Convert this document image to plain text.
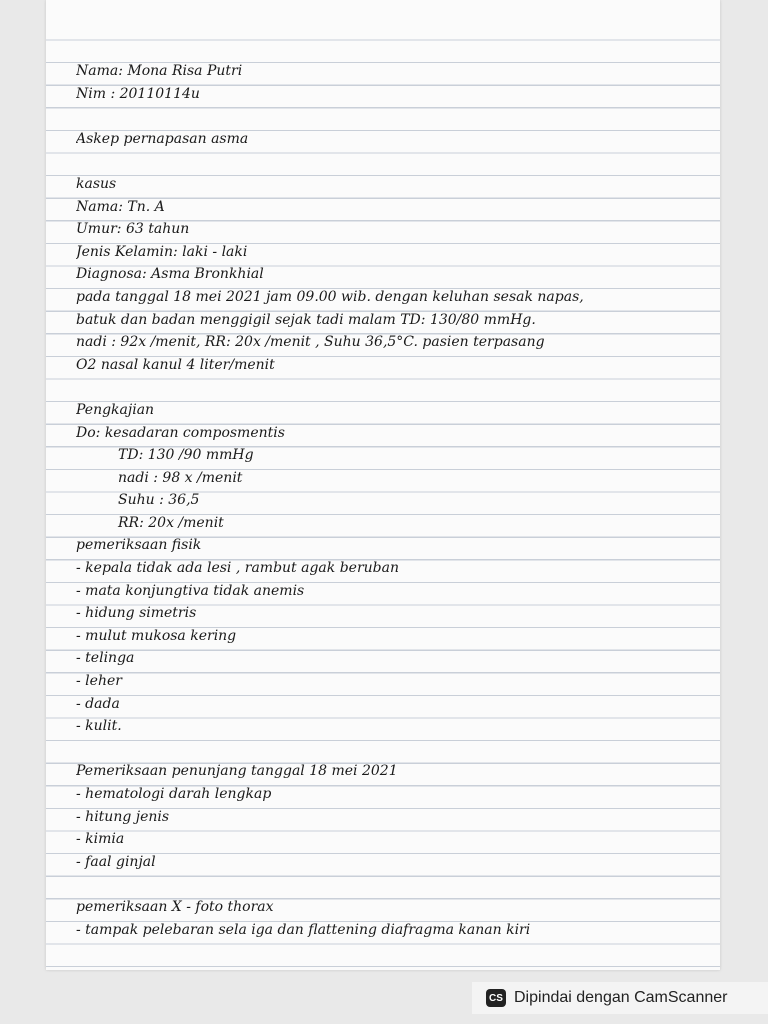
Nama: Mona Risa Putri
Nim : 20110114u
Askep pernapasan asma
kasus
Nama: Tn. A
Umur: 63 tahun
Jenis Kelamin: laki - laki
Diagnosa: Asma Bronkhial
pada tanggal 18 mei 2021 jam 09.00 wib. dengan keluhan sesak napas,
batuk dan badan menggigil sejak tadi malam TD: 130/80 mmHg.
nadi : 92x /menit, RR: 20x /menit , Suhu 36,5°C. pasien terpasang
O2 nasal kanul 4 liter/menit
Pengkajian
Do: kesadaran composmentis
TD: 130 /90 mmHg
nadi : 98 x /menit
Suhu : 36,5
RR: 20x /menit
pemeriksaan fisik
- kepala tidak ada lesi , rambut agak beruban
- mata konjungtiva tidak anemis
- hidung simetris
- mulut mukosa kering
- telinga
- leher
- dada
- kulit.
Pemeriksaan penunjang tanggal 18 mei 2021
- hematologi darah lengkap
- hitung jenis
- kimia
- faal ginjal
pemeriksaan X - foto thorax
- tampak pelebaran sela iga dan flattening diafragma kanan kiri
CS Dipindai dengan CamScanner
